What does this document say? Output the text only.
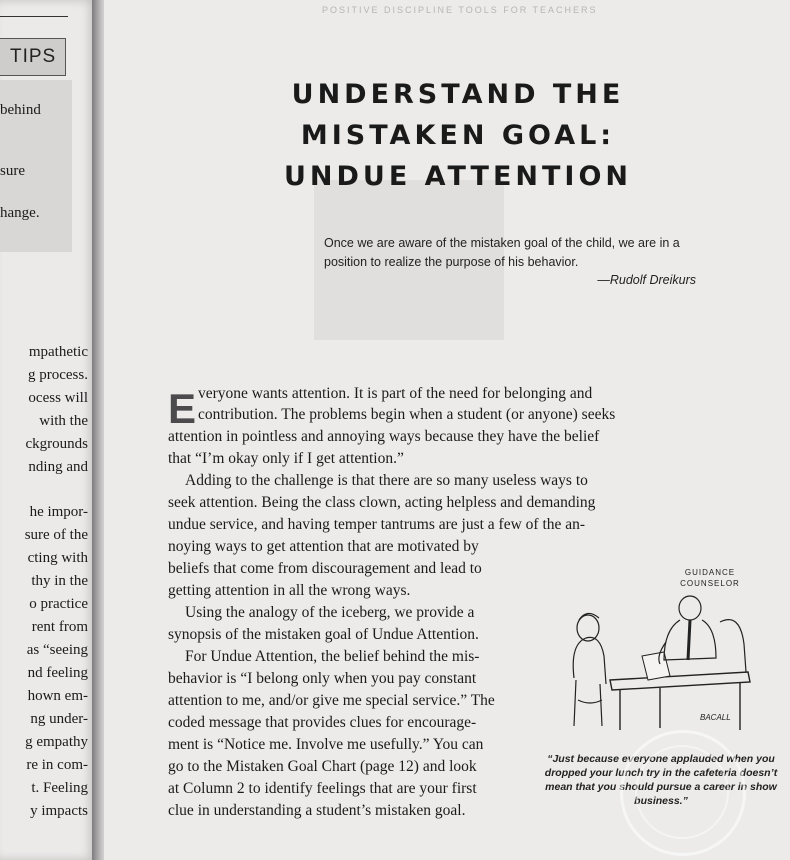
TIPS
behind
sure
hange.
mpathetic
g process.
ocess will
with the
ckgrounds
nding and
he impor-
sure of the
cting with
thy in the
o practice
rent from
as “seeing
nd feeling
hown em-
ng under-
g empathy
re in com-
t. Feeling
y impacts
POSITIVE DISCIPLINE TOOLS FOR TEACHERS
UNDERSTAND THE
MISTAKEN GOAL:
UNDUE ATTENTION
Once we are aware of the mistaken goal of the child, we are in a position to realize the purpose of his behavior.
—Rudolf Dreikurs
E veryone wants attention. It is part of the need for belonging and
contribution. The problems begin when a student (or anyone) seeks
attention in pointless and annoying ways because they have the belief
that “I’m okay only if I get attention.”
Adding to the challenge is that there are so many useless ways to
seek attention. Being the class clown, acting helpless and demanding
undue service, and having temper tantrums are just a few of the an-
noying ways to get attention that are motivated by
beliefs that come from discouragement and lead to
getting attention in all the wrong ways.
Using the analogy of the iceberg, we provide a
synopsis of the mistaken goal of Undue Attention.
For Undue Attention, the belief behind the mis-
behavior is “I belong only when you pay constant
attention to me, and/or give me special service.” The
coded message that provides clues for encourage-
ment is “Notice me. Involve me usefully.” You can
go to the Mistaken Goal Chart (page 12) and look
at Column 2 to identify feelings that are your first
clue in understanding a student’s mistaken goal.
GUIDANCE
COUNSELOR
BACALL
“Just because everyone applauded when you dropped your lunch try in the cafeteria doesn’t mean that you should pursue a career in show business.”
